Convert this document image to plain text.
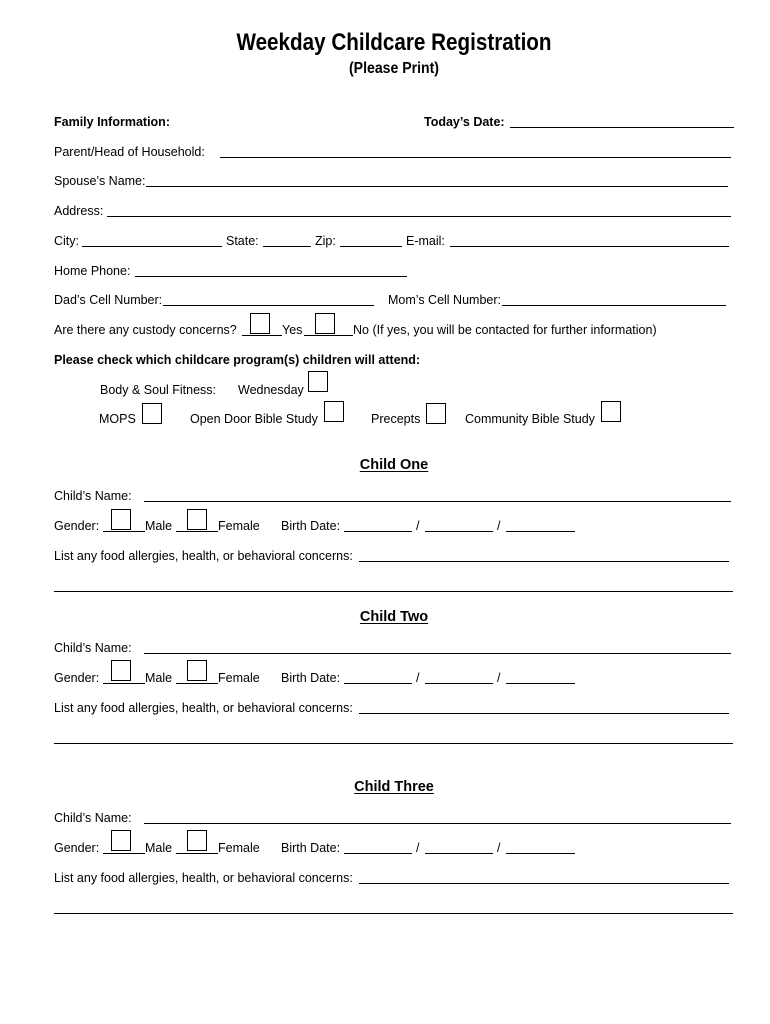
Weekday Childcare Registration
(Please Print)
Family Information:	Today’s Date:
Parent/Head of Household:
Spouse’s Name:
Address:
City:	State:	Zip:	E-mail:
Home Phone:
Dad’s Cell Number:	Mom’s Cell Number:
Are there any custody concerns?	Yes	No (If yes, you will be contacted for further information)
Please check which childcare program(s) children will attend:
Body & Soul Fitness: Wednesday
MOPS	Open Door Bible Study	Precepts	Community Bible Study
Child One
Child’s Name:
Gender:	Male	Female Birth Date:	/	/
List any food allergies, health, or behavioral concerns:
Child Two
Child’s Name:
Gender:	Male	Female Birth Date:	/	/
List any food allergies, health, or behavioral concerns:
Child Three
Child’s Name:
Gender:	Male	Female Birth Date:	/	/
List any food allergies, health, or behavioral concerns:
